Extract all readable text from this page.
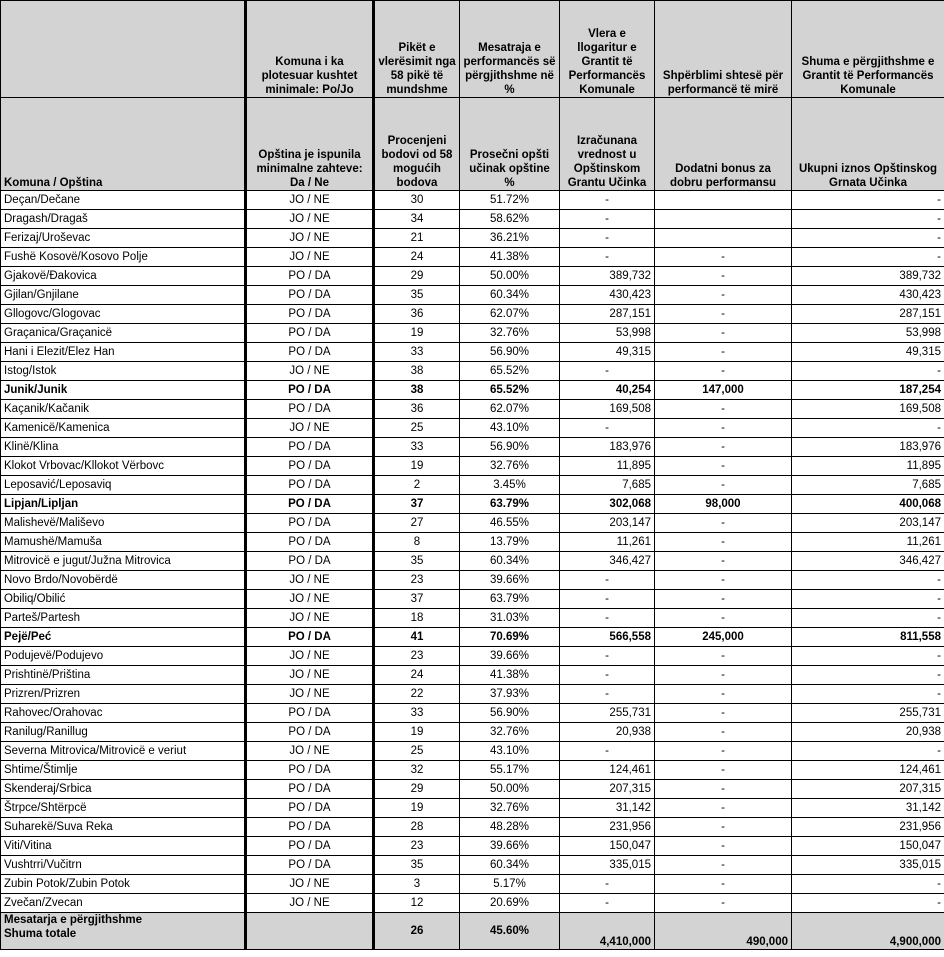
	Komuna i ka plotesuar kushtet minimale: Po/Jo	Pikët e vlerësimit nga 58 pikë të mundshme	Mesatraja e performancës së përgjithshme në %	Vlera e llogaritur e Grantit të Performancës Komunale	Shpërblimi shtesë për performancë të mirë	Shuma e përgjithshme e Grantit të Performancës Komunale
Komuna / Opština	Opština je ispunila minimalne zahteve: Da / Ne	Procenjeni bodovi od 58 mogućih bodova	Prosečni opšti učinak opštine %	Izračunana vrednost u Opštinskom Grantu Učinka	Dodatni bonus za dobru performansu	Ukupni iznos Opštinskog Grnata Učinka
Deçan/Dečane	JO / NE	30	51.72%	-		-
Dragash/Dragaš	JO / NE	34	58.62%	-		-
Ferizaj/Uroševac	JO / NE	21	36.21%	-		-
Fushë Kosovë/Kosovo Polje	JO / NE	24	41.38%	-	-	-
Gjakovë/Đakovica	PO / DA	29	50.00%	389,732	-	389,732
Gjilan/Gnjilane	PO / DA	35	60.34%	430,423	-	430,423
Gllogovc/Glogovac	PO / DA	36	62.07%	287,151	-	287,151
Graçanica/Graçanicë	PO / DA	19	32.76%	53,998	-	53,998
Hani i Elezit/Elez Han	PO / DA	33	56.90%	49,315	-	49,315
Istog/Istok	JO / NE	38	65.52%	-	-	-
Junik/Junik	PO / DA	38	65.52%	40,254	147,000	187,254
Kaçanik/Kačanik	PO / DA	36	62.07%	169,508	-	169,508
Kamenicë/Kamenica	JO / NE	25	43.10%	-	-	-
Klinë/Klina	PO / DA	33	56.90%	183,976	-	183,976
Klokot Vrbovac/Kllokot Vërbovc	PO / DA	19	32.76%	11,895	-	11,895
Leposavić/Leposaviq	PO / DA	2	3.45%	7,685	-	7,685
Lipjan/Lipljan	PO / DA	37	63.79%	302,068	98,000	400,068
Malishevë/Mališevo	PO / DA	27	46.55%	203,147	-	203,147
Mamushë/Mamuša	PO / DA	8	13.79%	11,261	-	11,261
Mitrovicë e jugut/Južna Mitrovica	PO / DA	35	60.34%	346,427	-	346,427
Novo Brdo/Novobërdë	JO / NE	23	39.66%	-	-	-
Obiliq/Obilić	JO / NE	37	63.79%	-	-	-
Parteš/Partesh	JO / NE	18	31.03%	-	-	-
Pejë/Peć	PO / DA	41	70.69%	566,558	245,000	811,558
Podujevë/Podujevo	JO / NE	23	39.66%	-	-	-
Prishtinë/Priština	JO / NE	24	41.38%	-	-	-
Prizren/Prizren	JO / NE	22	37.93%	-	-	-
Rahovec/Orahovac	PO / DA	33	56.90%	255,731	-	255,731
Ranilug/Ranillug	PO / DA	19	32.76%	20,938	-	20,938
Severna Mitrovica/Mitrovicë e veriut	JO / NE	25	43.10%	-	-	-
Shtime/Štimlje	PO / DA	32	55.17%	124,461	-	124,461
Skenderaj/Srbica	PO / DA	29	50.00%	207,315	-	207,315
Štrpce/Shtërpcë	PO / DA	19	32.76%	31,142	-	31,142
Suharekë/Suva Reka	PO / DA	28	48.28%	231,956	-	231,956
Viti/Vitina	PO / DA	23	39.66%	150,047	-	150,047
Vushtrri/Vučitrn	PO / DA	35	60.34%	335,015	-	335,015
Zubin Potok/Zubin Potok	JO / NE	3	5.17%	-	-	-
Zvečan/Zvecan	JO / NE	12	20.69%	-	-	-

Mesatarja e përgjithshme
Shuma totale		26	45.60%	4,410,000	490,000	4,900,000
